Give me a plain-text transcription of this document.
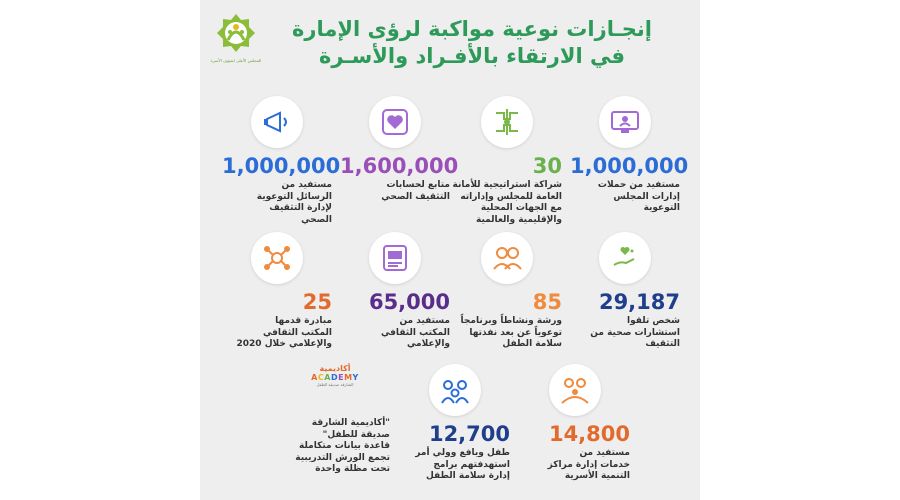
المجلس الأعلى لشؤون الأسرة
إنجـازات نوعية مواكبة لرؤى الإمارة
في الارتقاء بالأفـراد والأسـرة
1,000,000
مستفيد من حملات
إدارات المجلس
التوعوية
30
شراكة استراتيجية للأمانة
العامة للمجلس وإداراته
مع الجهات المحلية
والإقليمية والعالمية
1,600,000
متابع لحسابات
التثقيف الصحي
1,000,000
مستفيد من
الرسائل التوعوية
لإدارة التثقيف
الصحي
29,187
شخص تلقوا
استشارات صحية من
التثقيف
85
ورشة ونشاطاً وبرنامجاً
توعوياً عن بعد نفذتها
سلامة الطفل
65,000
مستفيد من
المكتب الثقافي
والإعلامي
25
مبادرة قدمها
المكتب الثقافي
والإعلامي خلال 2020
14,800
مستفيد من
خدمات إدارة مراكز
التنمية الأسرية
12,700
طفل ويافع وولي أمر
استهدفتهم برامج
إدارة سلامة الطفل
أكاديمية
ACADEMY
الشارقة صديقة الطفل
"أكاديمية الشارقة
صديقة للطفل"
قاعدة بيانات متكاملة
تجمع الورش التدريبية
تحت مظلة واحدة
